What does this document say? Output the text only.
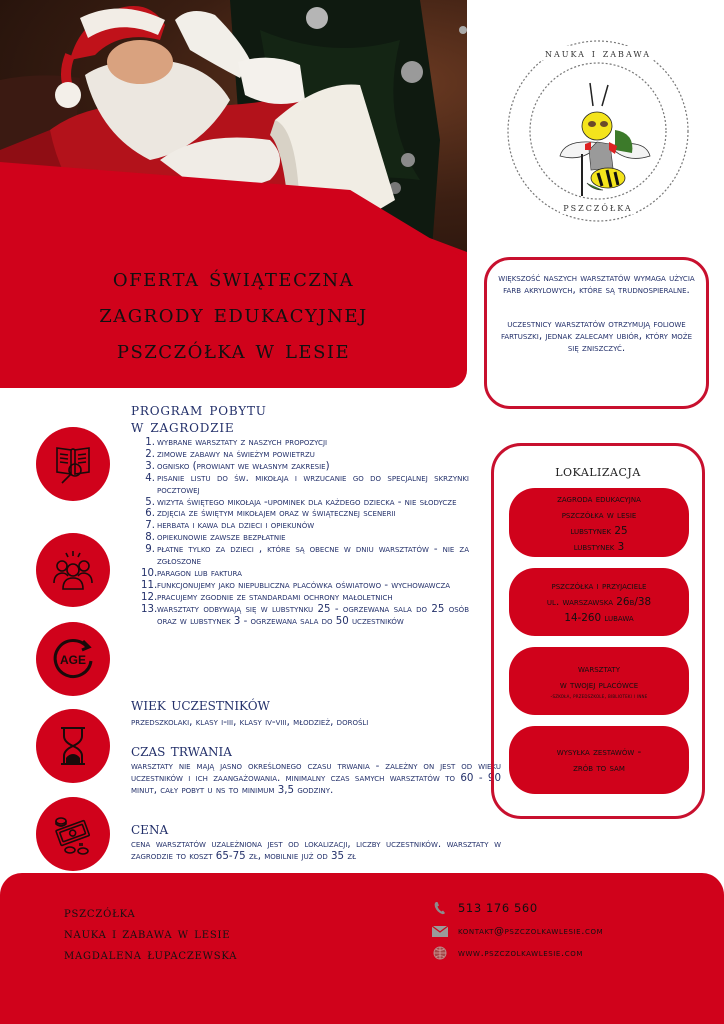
oferta świąteczna
zagrody edukacyjnej
pszczółka w lesie
nauka i zabawa
pszczółka

większość naszych warsztatów wymaga użycia farb akrylowych, które są trudnospieralne.

uczestnicy warsztatów otrzymują foliowe fartuszki, jednak zalecamy ubiór, który może się zniszczyć.

AGE
program pobytu
w zagrodzie
1. wybrane warsztaty z naszych propozycji
2. zimowe zabawy na świeżym powietrzu
3. ognisko (prowiant we własnym zakresie)
4. pisanie listu do św. mikołaja i wrzucanie go do specjalnej skrzynki pocztowej
5. wizyta świętego mikołaja -upominek dla każdego dziecka - nie słodycze
6. zdjęcia ze świętym mikołajem oraz w świątecznej scenerii
7. herbata i kawa dla dzieci i opiekunów
8. opiekunowie zawsze bezpłatnie
9. płatne tylko za dzieci , które są obecne w dniu warsztatów - nie za zgłoszone
10. paragon lub faktura
11. funkcjonujemy jako niepubliczna placówka oświatowo - wychowawcza
12. pracujemy zgodnie ze standardami ochrony małoletnich
13. warsztaty odbywają się w lubstynku 25 - ogrzewana sala do 25 osób oraz w lubstynek 3 - ogrzewana sala do 50 uczestników
wiek uczestników
przedszkolaki, klasy i-iii, klasy iv-viii, młodzież, dorośli
czas trwania
warsztaty nie mają jasno określonego czasu trwania - zależny on jest od wieku uczestników i ich zaangażowania. minimalny czas samych warsztatów to 60 - 90 minut, cały pobyt u ns to minimum 3,5 godziny.
cena
cena warsztatów uzależniona jest od lokalizacji, liczby uczestników. warsztaty w zagrodzie to koszt 65-75 zł, mobilnie już od 35 zł
lokalizacja
zagroda edukacyjna
pszczółka w lesie
lubstynek 25
lubstynek 3
pszczółka i przyjaciele
ul. warszawska 26b/38
14-260 lubawa
warsztaty
w twojej placówce
-szkoła, przedszkole, biblioteki i inne
wysyłka zestawów -
zrób to sam
pszczółka
nauka i zabawa w lesie
magdalena łupaczewska
513 176 560
kontakt@pszczolkawlesie.com
www.pszczolkawlesie.com
